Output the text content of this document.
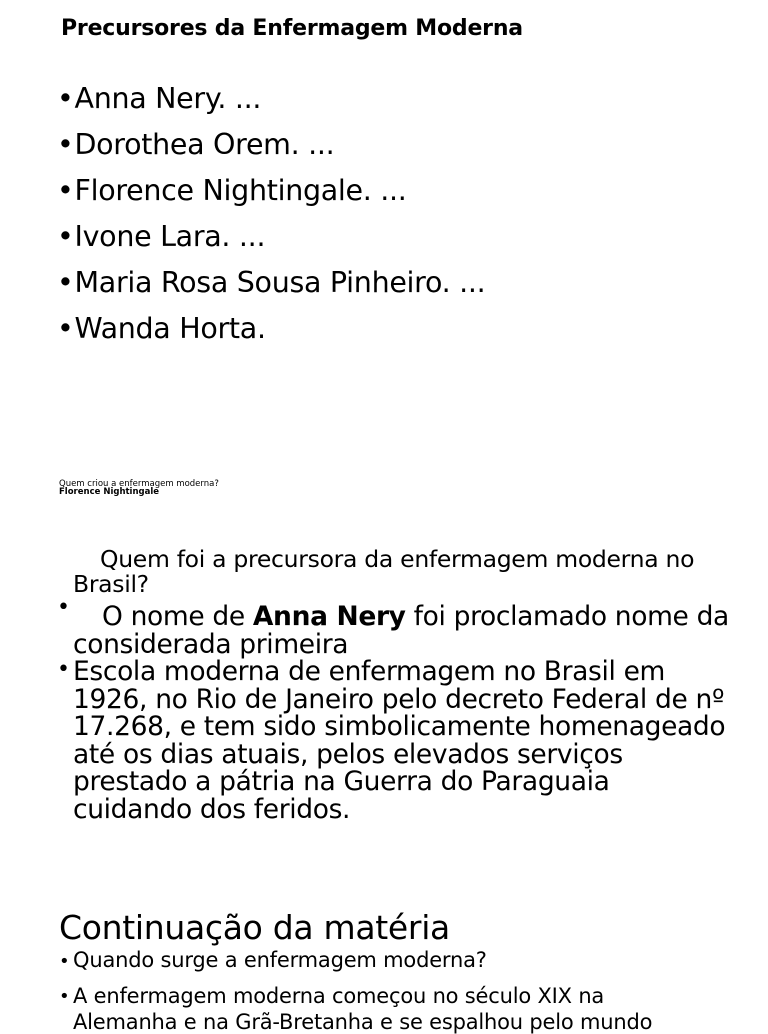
Precursores da Enfermagem Moderna
•Anna Nery. ...
•Dorothea Orem. ...
•Florence Nightingale. ...
•Ivone Lara. ...
•Maria Rosa Sousa Pinheiro. ...
•Wanda Horta.
Quem criou a enfermagem moderna?
Florence Nightingale
Quem foi a precursora da enfermagem moderna no Brasil?
•	O nome de Anna Nery foi proclamado nome da considerada primeira
• Escola moderna de enfermagem no Brasil em 1926, no Rio de Janeiro pelo decreto Federal de nº 17.268, e tem sido simbolicamente homenageado até os dias atuais, pelos elevados serviços prestado a pátria na Guerra do Paraguaia cuidando dos feridos.
Continuação da matéria
• Quando surge a enfermagem moderna?
• A enfermagem moderna começou no século XIX na
Alemanha e na Grã-Bretanha e se espalhou pelo mundo
